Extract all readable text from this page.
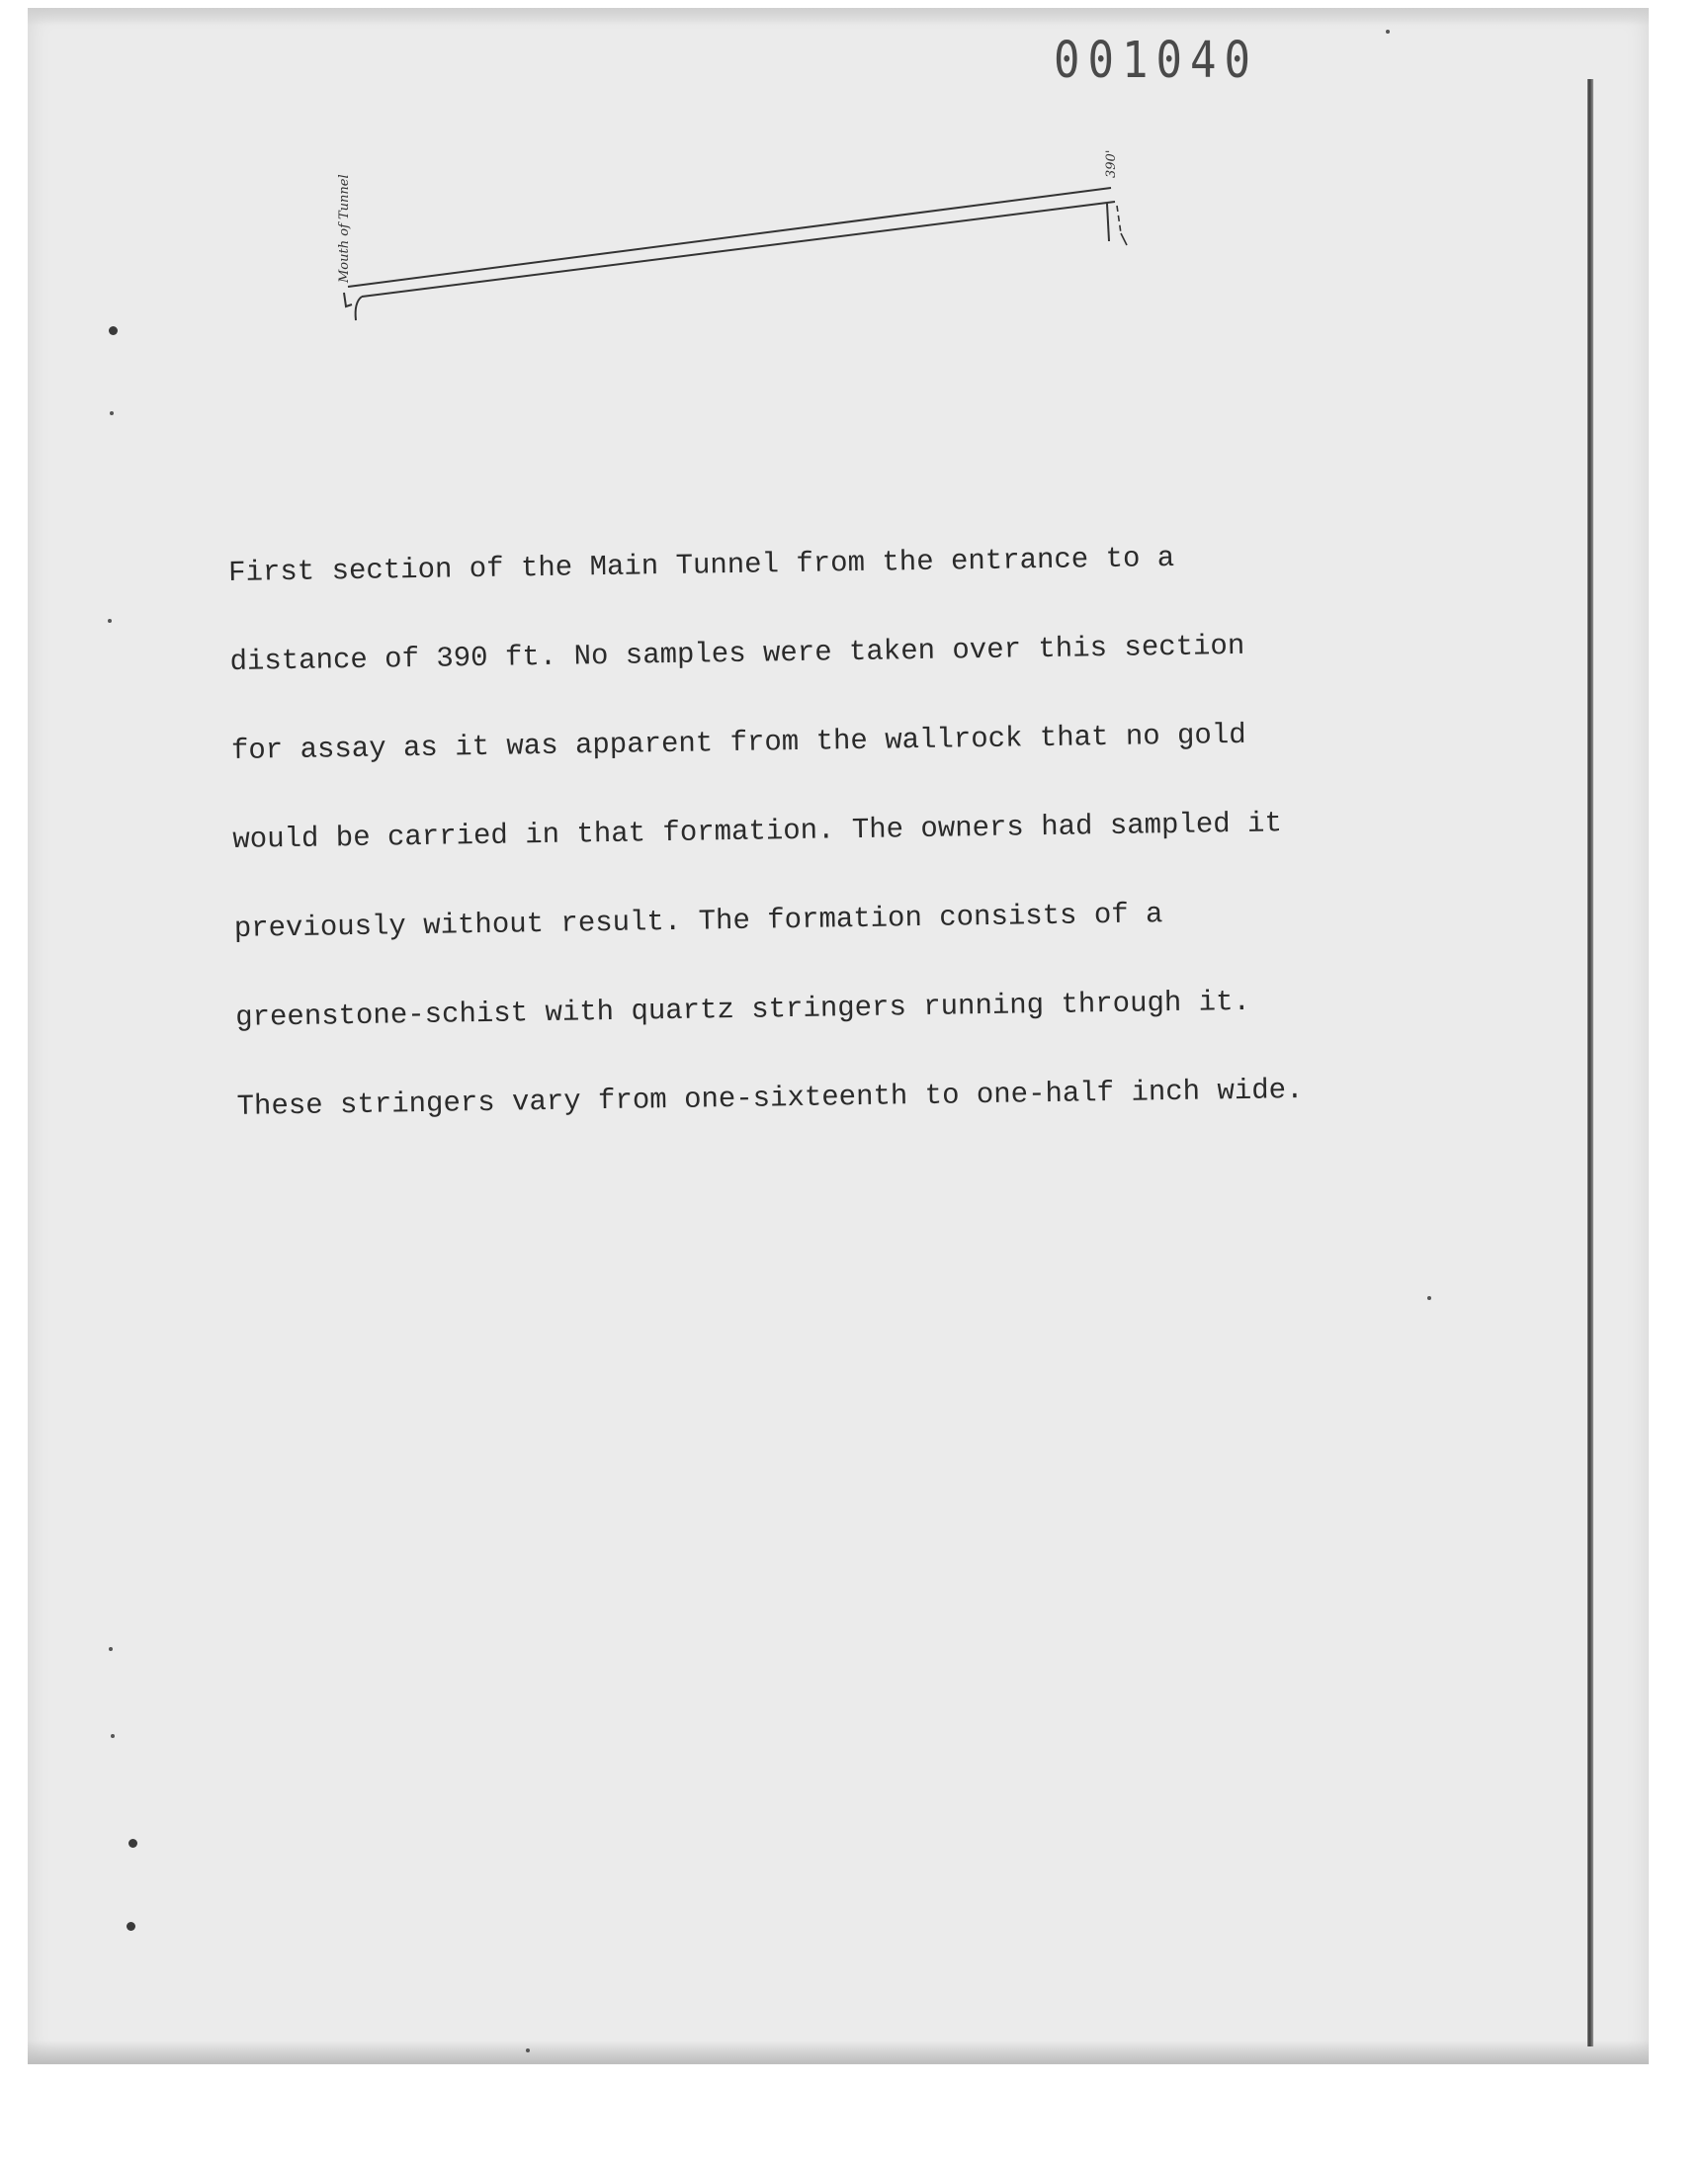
001040
Mouth of Tunnel
390'

First section of the Main Tunnel from the entrance to a

distance of 390 ft. No samples were taken over this section

for assay as it was apparent from the wallrock that no gold

would be carried in that formation. The owners had sampled it

previously without result. The formation consists of a

greenstone-schist with quartz stringers running through it.

These stringers vary from one-sixteenth to one-half inch wide.
